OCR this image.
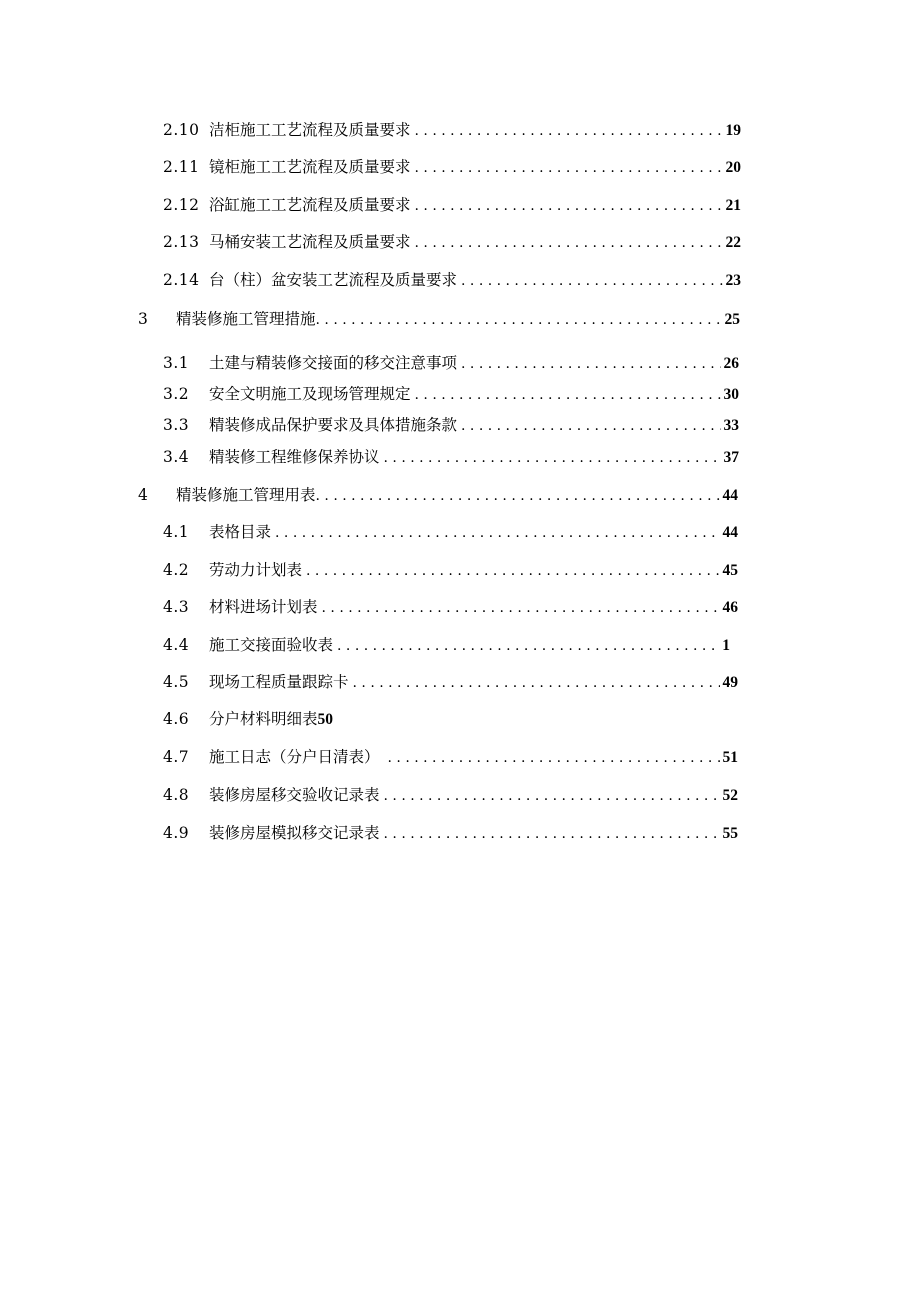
2.10 洁柜施工工艺流程及质量要求 . . .	19
2.11 镜柜施工工艺流程及质量要求 . . .	20
2.12 浴缸施工工艺流程及质量要求 . . .	21
2.13 马桶安装工艺流程及质量要求 . . .	22
2.14 台（柱）盆安装工艺流程及质量要求 . . .	23
3	精装修施工管理措施 . . .	25
3.1	土建与精装修交接面的移交注意事项 . . .	26
3.2	安全文明施工及现场管理规定 . . .	30
3.3	精装修成品保护要求及具体措施条款 . . .	33
3.4	精装修工程维修保养协议 . . .	37
4	精装修施工管理用表 . . .	44
4.1	表格目录 . . .	44
4.2	劳动力计划表 . . .	45
4.3	材料进场计划表 . . .	46
4.4	施工交接面验收表 . . .	1
4.5	现场工程质量跟踪卡 . . .	49
4.6	分户材料明细表 50
4.7	施工日志（分户日清表） . . .	51
4.8	装修房屋移交验收记录表 . . .	52
4.9	装修房屋模拟移交记录表 . . .	55
